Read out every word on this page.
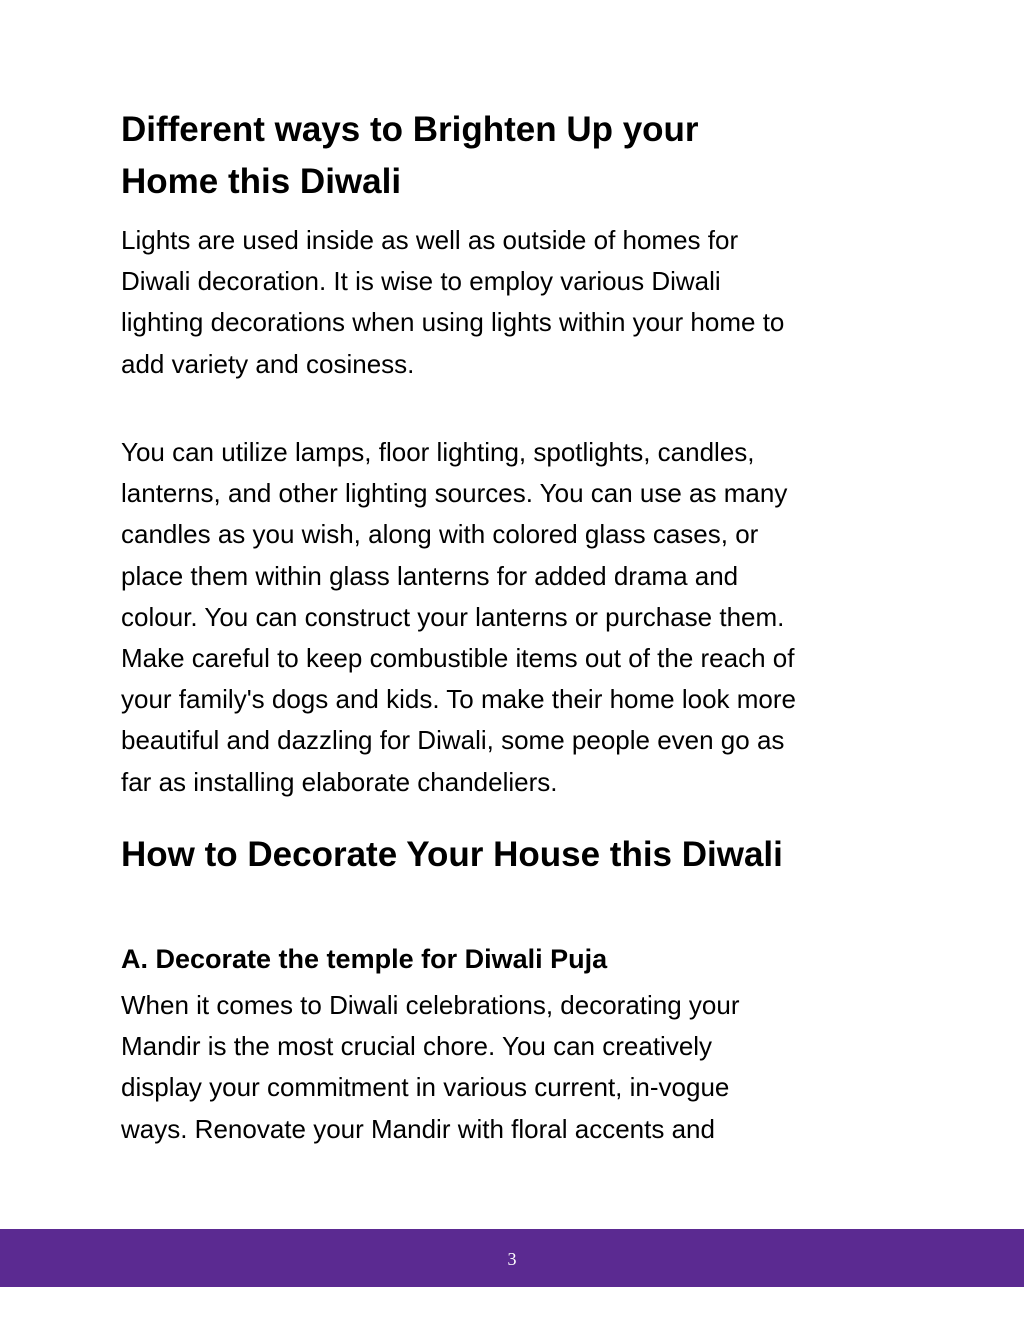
Different ways to Brighten Up your
Home this Diwali

Lights are used inside as well as outside of homes for
Diwali decoration. It is wise to employ various Diwali
lighting decorations when using lights within your home to
add variety and cosiness.

You can utilize lamps, floor lighting, spotlights, candles,
lanterns, and other lighting sources. You can use as many
candles as you wish, along with colored glass cases, or
place them within glass lanterns for added drama and
colour. You can construct your lanterns or purchase them.
Make careful to keep combustible items out of the reach of
your family's dogs and kids. To make their home look more
beautiful and dazzling for Diwali, some people even go as
far as installing elaborate chandeliers.

How to Decorate Your House this Diwali
A. Decorate the temple for Diwali Puja

When it comes to Diwali celebrations, decorating your
Mandir is the most crucial chore. You can creatively
display your commitment in various current, in-vogue
ways. Renovate your Mandir with floral accents and

3
